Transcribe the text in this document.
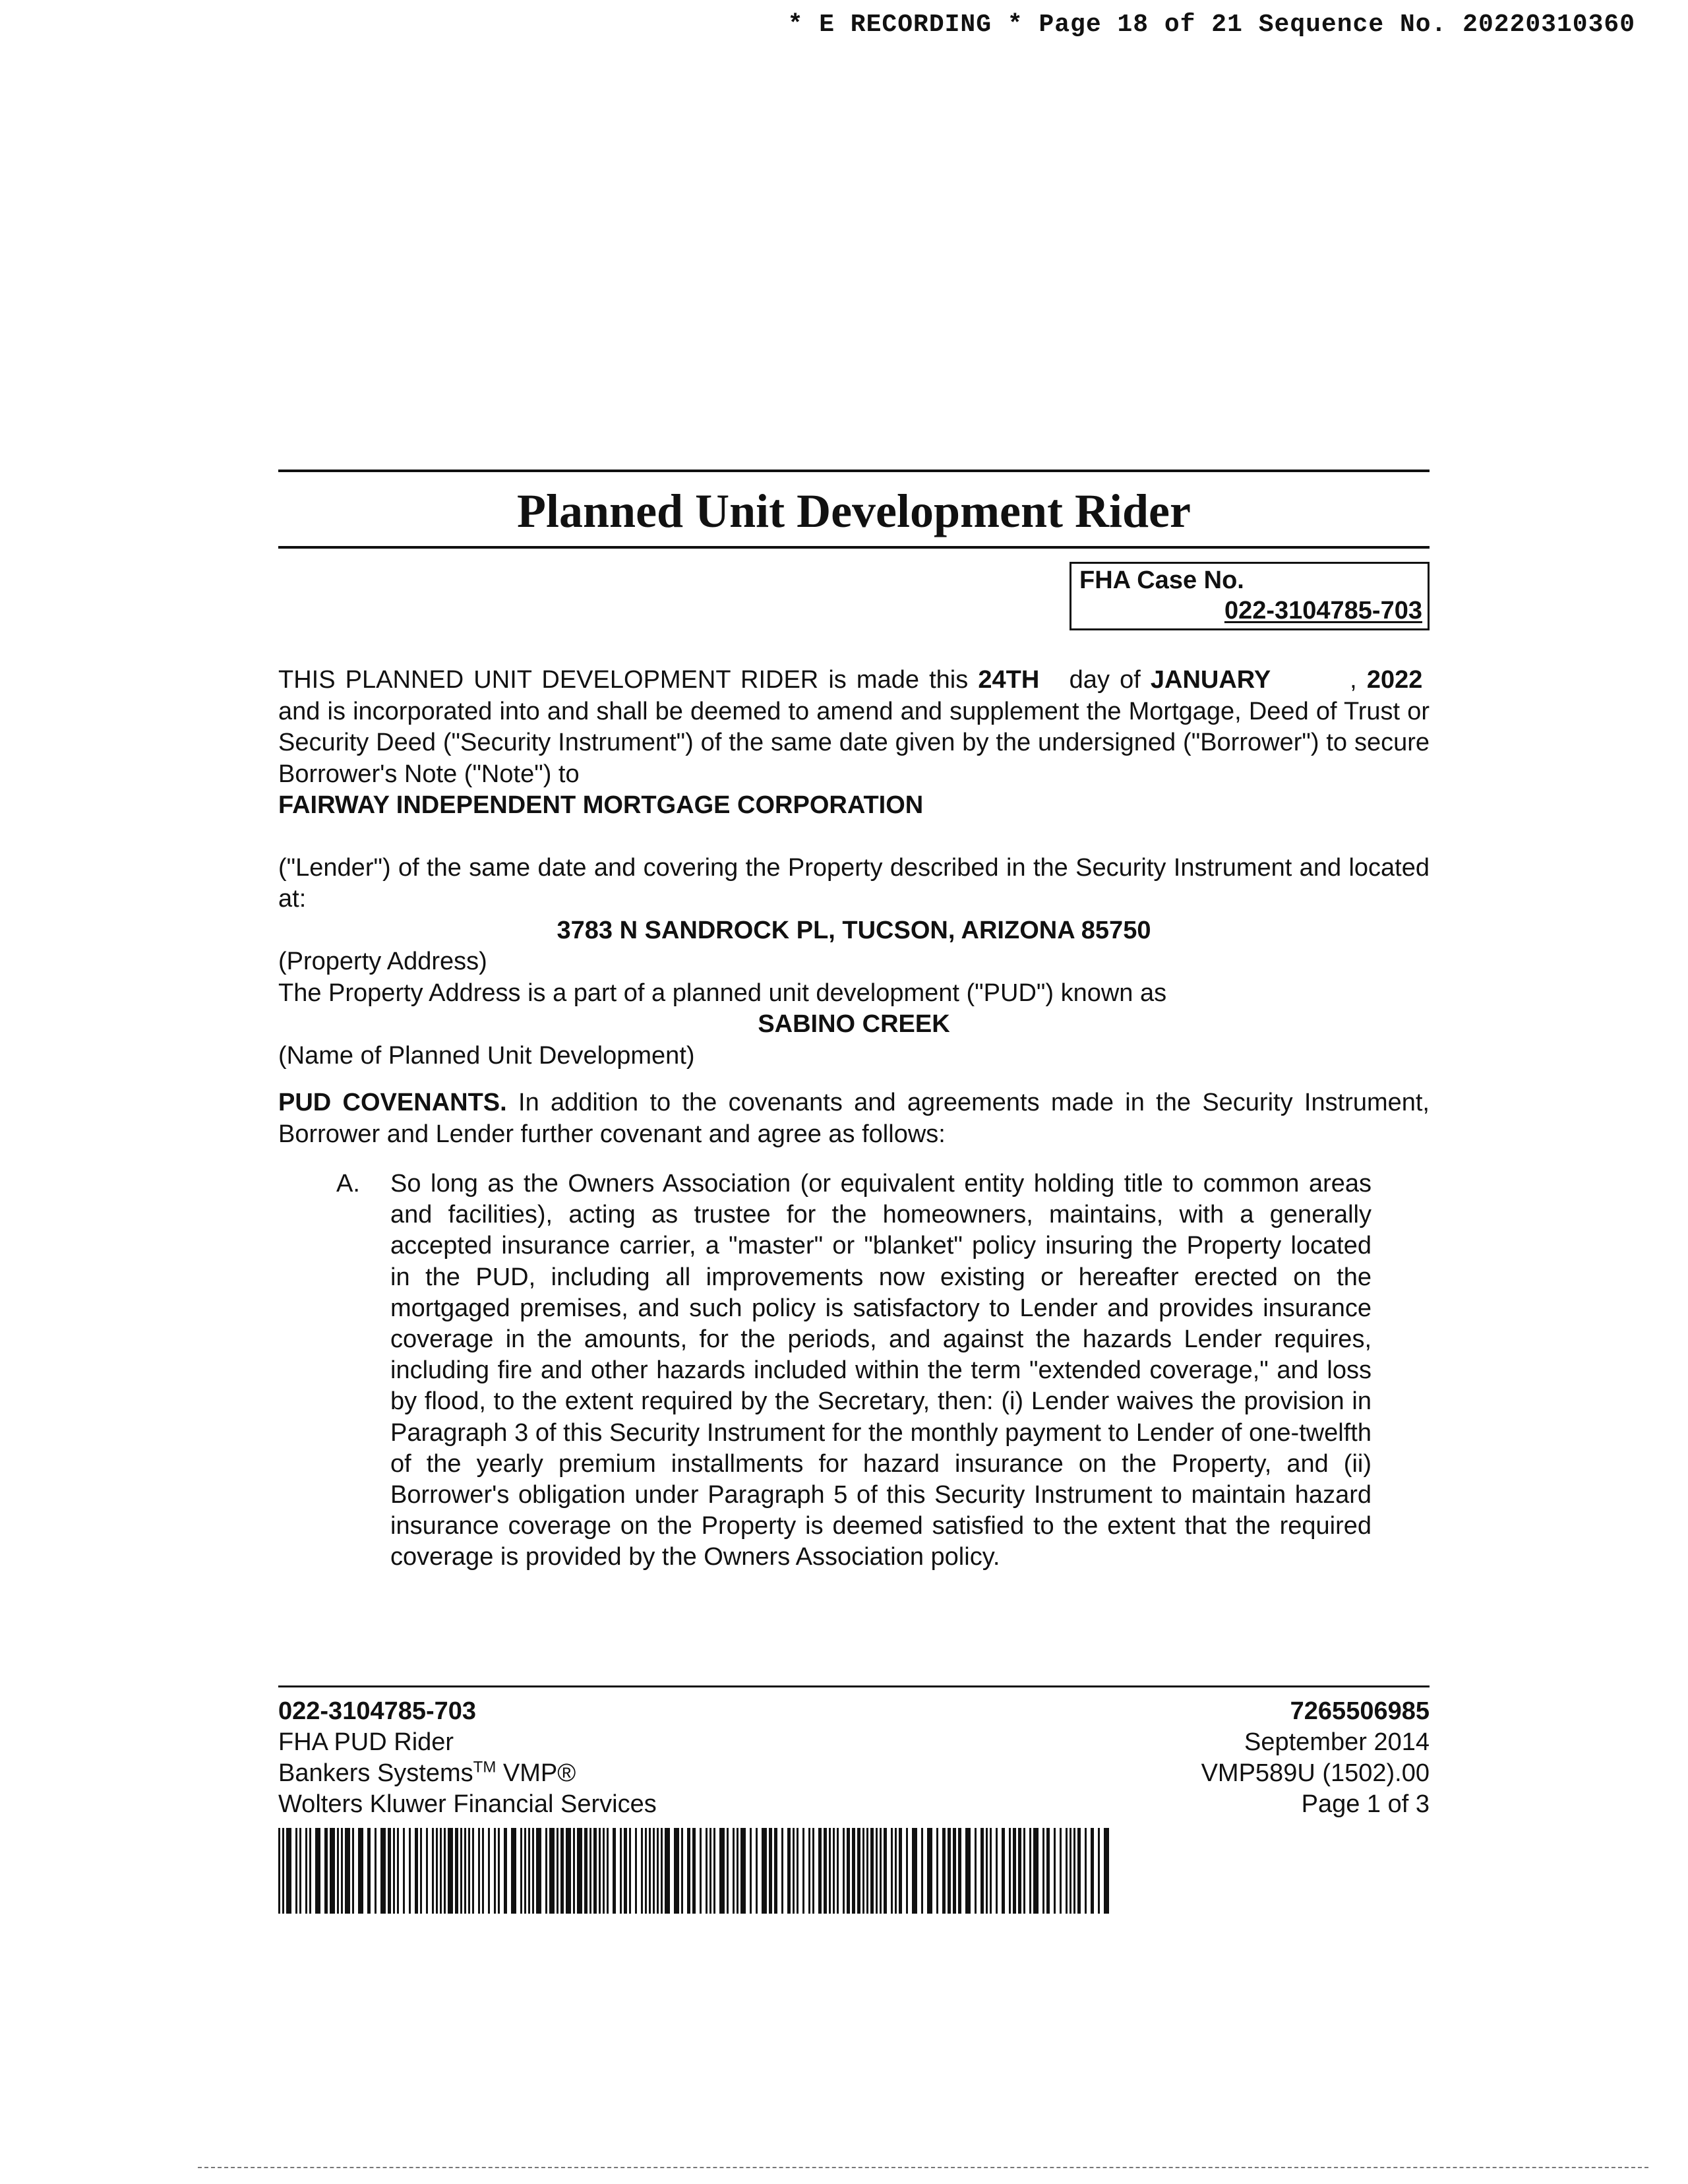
* E RECORDING * Page 18 of 21 Sequence No. 20220310360
Planned Unit Development Rider
FHA Case No.
022-3104785-703

THIS PLANNED UNIT DEVELOPMENT RIDER is made this 24TH day of JANUARY	, 2022  and is incorporated into and shall be deemed to amend and supplement the Mortgage, Deed of Trust or Security Deed ("Security Instrument") of the same date given by the undersigned ("Borrower") to secure Borrower's Note ("Note") to

FAIRWAY INDEPENDENT MORTGAGE CORPORATION

("Lender") of the same date and covering the Property described in the Security Instrument and located at:

3783 N SANDROCK PL, TUCSON, ARIZONA 85750

(Property Address)

The Property Address is a part of a planned unit development ("PUD") known as

SABINO CREEK

(Name of Planned Unit Development)

PUD COVENANTS. In addition to the covenants and agreements made in the Security Instrument, Borrower and Lender further covenant and agree as follows:

A. So long as the Owners Association (or equivalent entity holding title to common areas and facilities), acting as trustee for the homeowners, maintains, with a generally accepted insurance carrier, a "master" or "blanket" policy insuring the Property located in the PUD, including all improvements now existing or hereafter erected on the mortgaged premises, and such policy is satisfactory to Lender and provides insurance coverage in the amounts, for the periods, and against the hazards Lender requires, including fire and other hazards included within the term "extended coverage," and loss by flood, to the extent required by the Secretary, then: (i) Lender waives the provision in Paragraph 3 of this Security Instrument for the monthly payment to Lender of one-twelfth of the yearly premium installments for hazard insurance on the Property, and (ii) Borrower's obligation under Paragraph 5 of this Security Instrument to maintain hazard insurance coverage on the Property is deemed satisfied to the extent that the required coverage is provided by the Owners Association policy.
022-3104785-703
FHA PUD Rider
Bankers Systems™ VMP®
Wolters Kluwer Financial Services
7265506985
September 2014
VMP589U (1502).00
Page 1 of 3
